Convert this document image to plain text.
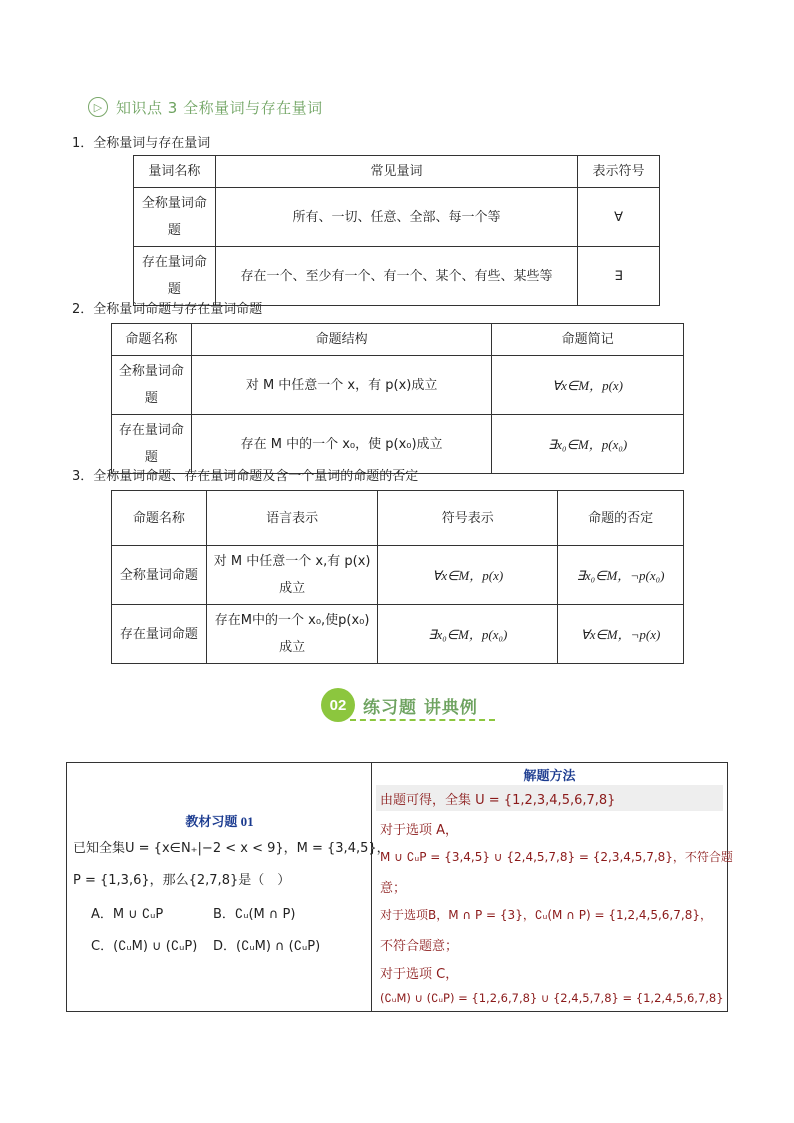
▷ 知识点 3 全称量词与存在量词
1．全称量词与存在量词
量词名称	常见量词	表示符号
全称量词命题	所有、一切、任意、全部、每一个等	∀
存在量词命题	存在一个、至少有一个、有一个、某个、有些、某些等	∃
2．全称量词命题与存在量词命题
命题名称	命题结构	命题简记
全称量词命题	对 M 中任意一个 x，有 p(x)成立	∀x∈M，p(x)
存在量词命题	存在 M 中的一个 x₀，使 p(x₀)成立	∃x₀∈M，p(x₀)
3．全称量词命题、存在量词命题及含一个量词的命题的否定
命题名称	语言表示	符号表示	命题的否定
全称量词命题	对 M 中任意一个 x,有 p(x)成立	∀x∈M，p(x)	∃x₀∈M，¬p(x₀)
存在量词命题	存在M中的一个 x₀,使p(x₀)成立	∃x₀∈M，p(x₀)	∀x∈M，¬p(x)
02 练习题 讲典例
教材习题 01
已知全集U = {x∈N₊|−2 < x < 9}，M = {3,4,5}，
P = {1,3,6}，那么{2,7,8}是（　）
A．M ∪ ∁ᵤP	B．∁ᵤ(M ∩ P)
C．(∁ᵤM) ∪ (∁ᵤP) D．(∁ᵤM) ∩ (∁ᵤP)
解题方法
由题可得，全集 U = {1,2,3,4,5,6,7,8}
对于选项 A，
M ∪ ∁ᵤP = {3,4,5} ∪ {2,4,5,7,8} = {2,3,4,5,7,8}，不符合题
意；
对于选项B，M ∩ P = {3}，∁ᵤ(M ∩ P) = {1,2,4,5,6,7,8}，
不符合题意；
对于选项 C，
(∁ᵤM) ∪ (∁ᵤP) = {1,2,6,7,8} ∪ {2,4,5,7,8} = {1,2,4,5,6,7,8}
